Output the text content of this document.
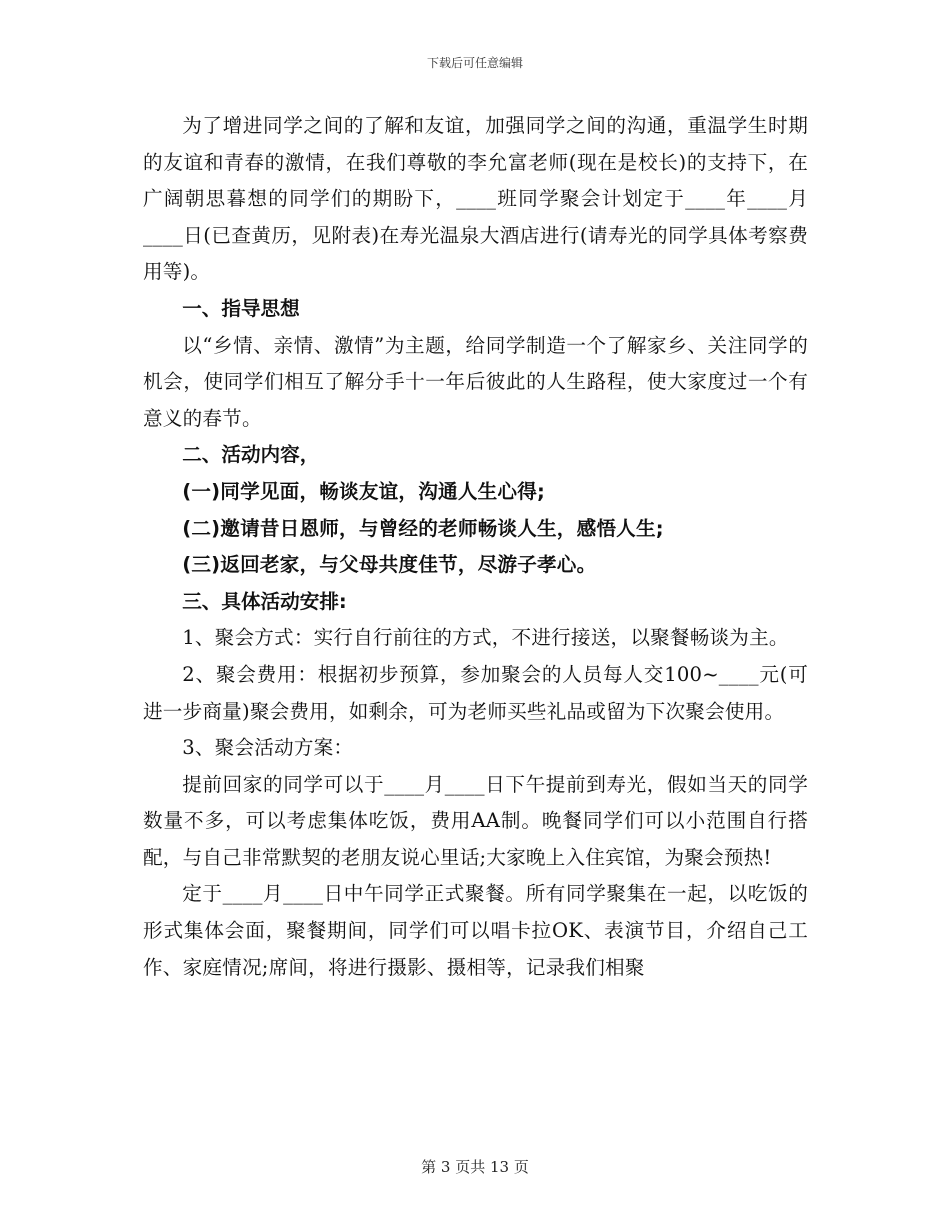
下载后可任意编辑

为了增进同学之间的了解和友谊，加强同学之间的沟通，重温学生时期的友谊和青春的激情，在我们尊敬的李允富老师(现在是校长)的支持下，在广阔朝思暮想的同学们的期盼下，____班同学聚会计划定于____年____月____日(已查黄历，见附表)在寿光温泉大酒店进行(请寿光的同学具体考察费用等)。

一、指导思想

以“乡情、亲情、激情”为主题，给同学制造一个了解家乡、关注同学的机会，使同学们相互了解分手十一年后彼此的人生路程，使大家度过一个有意义的春节。

二、活动内容，

(一)同学见面，畅谈友谊，沟通人生心得;

(二)邀请昔日恩师，与曾经的老师畅谈人生，感悟人生;

(三)返回老家，与父母共度佳节，尽游子孝心。

三、具体活动安排:

1、聚会方式：实行自行前往的方式，不进行接送，以聚餐畅谈为主。

2、聚会费用：根据初步预算，参加聚会的人员每人交100~____元(可进一步商量)聚会费用，如剩余，可为老师买些礼品或留为下次聚会使用。

3、聚会活动方案：

提前回家的同学可以于____月____日下午提前到寿光，假如当天的同学数量不多，可以考虑集体吃饭，费用AA制。晚餐同学们可以小范围自行搭配，与自己非常默契的老朋友说心里话;大家晚上入住宾馆，为聚会预热!

定于____月____日中午同学正式聚餐。所有同学聚集在一起，以吃饭的形式集体会面，聚餐期间，同学们可以唱卡拉OK、表演节目，介绍自己工作、家庭情况;席间，将进行摄影、摄相等，记录我们相聚

第 3 页共 13 页
